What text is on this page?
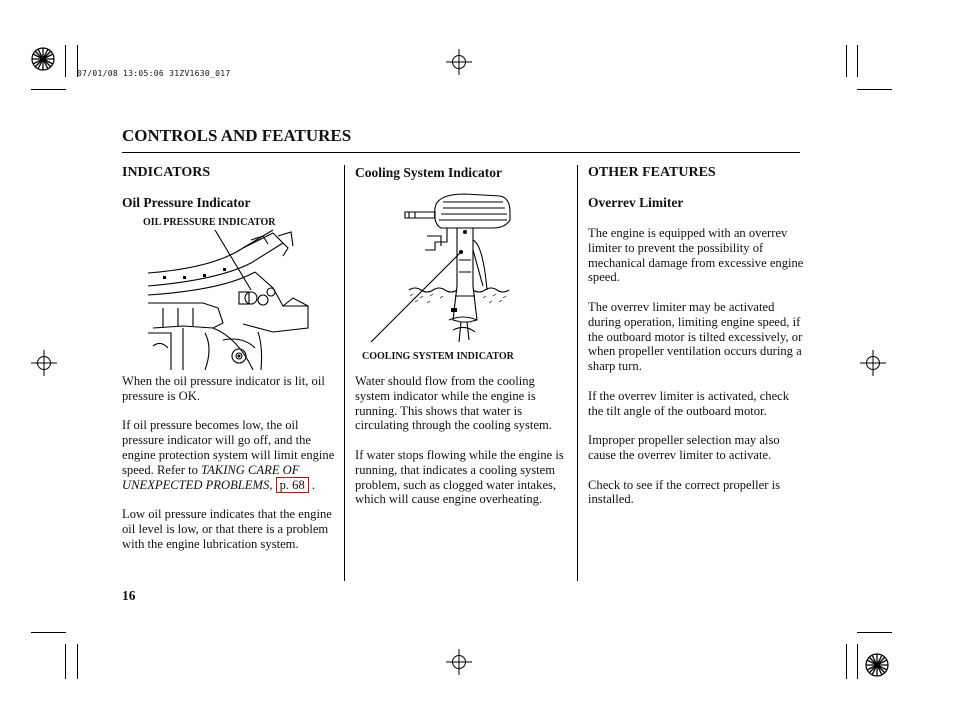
07/01/08 13:05:06 31ZV1630_017
CONTROLS AND FEATURES
INDICATORS
Oil Pressure Indicator
OIL PRESSURE INDICATOR

When the oil pressure indicator is lit, oil pressure is OK.

If oil pressure becomes low, the oil pressure indicator will go off, and the engine protection system will limit engine speed. Refer to TAKING CARE OF UNEXPECTED PROBLEMS, p. 68 .

Low oil pressure indicates that the engine oil level is low, or that there is a problem with the engine lubrication system.

Cooling System Indicator
COOLING SYSTEM INDICATOR

Water should flow from the cooling system indicator while the engine is running. This shows that water is circulating through the cooling system.

If water stops flowing while the engine is running, that indicates a cooling system problem, such as clogged water intakes, which will cause engine overheating.

OTHER FEATURES
Overrev Limiter

The engine is equipped with an overrev limiter to prevent the possibility of mechanical damage from excessive engine speed.

The overrev limiter may be activated during operation, limiting engine speed, if the outboard motor is tilted excessively, or when propeller ventilation occurs during a sharp turn.

If the overrev limiter is activated, check the tilt angle of the outboard motor.

Improper propeller selection may also cause the overrev limiter to activate.

Check to see if the correct propeller is installed.

16
